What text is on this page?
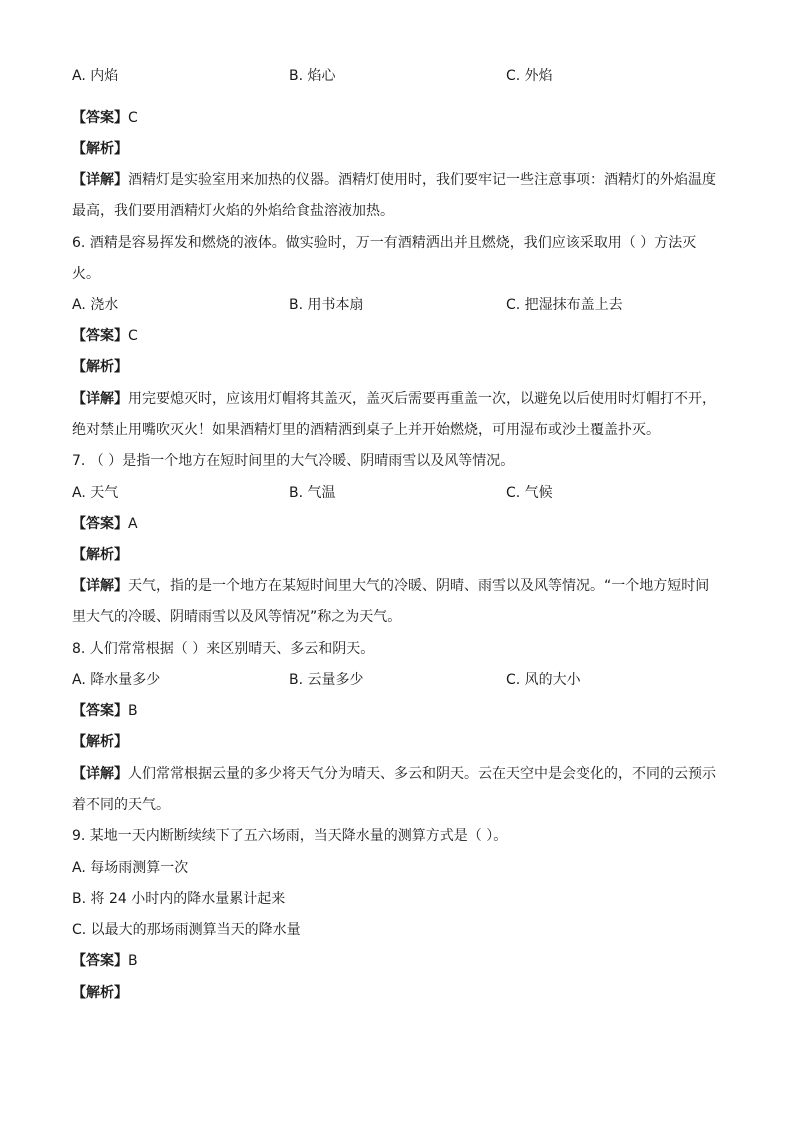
A. 内焰	B. 焰心	C. 外焰
【答案】C
【解析】
【详解】酒精灯是实验室用来加热的仪器。酒精灯使用时，我们要牢记一些注意事项：酒精灯的外焰温度
最高，我们要用酒精灯火焰的外焰给食盐溶液加热。
6. 酒精是容易挥发和燃烧的液体。做实验时，万一有酒精洒出并且燃烧，我们应该采取用（ ）方法灭
火。
A. 浇水	B. 用书本扇	C. 把湿抹布盖上去
【答案】C
【解析】
【详解】用完要熄灭时，应该用灯帽将其盖灭，盖灭后需要再重盖一次，以避免以后使用时灯帽打不开，
绝对禁止用嘴吹灭火！如果酒精灯里的酒精洒到桌子上并开始燃烧，可用湿布或沙土覆盖扑灭。
7. （ ）是指一个地方在短时间里的大气冷暖、阴晴雨雪以及风等情况。
A. 天气	B. 气温	C. 气候
【答案】A
【解析】
【详解】天气，指的是一个地方在某短时间里大气的冷暖、阴晴、雨雪以及风等情况。“一个地方短时间
里大气的冷暖、阴晴雨雪以及风等情况”称之为天气。
8. 人们常常根据（ ）来区别晴天、多云和阴天。
A. 降水量多少	B. 云量多少	C. 风的大小
【答案】B
【解析】
【详解】人们常常根据云量的多少将天气分为晴天、多云和阴天。云在天空中是会变化的，不同的云预示
着不同的天气。
9. 某地一天内断断续续下了五六场雨，当天降水量的测算方式是（ ）。
A. 每场雨测算一次
B. 将 24 小时内的降水量累计起来
C. 以最大的那场雨测算当天的降水量
【答案】B
【解析】
